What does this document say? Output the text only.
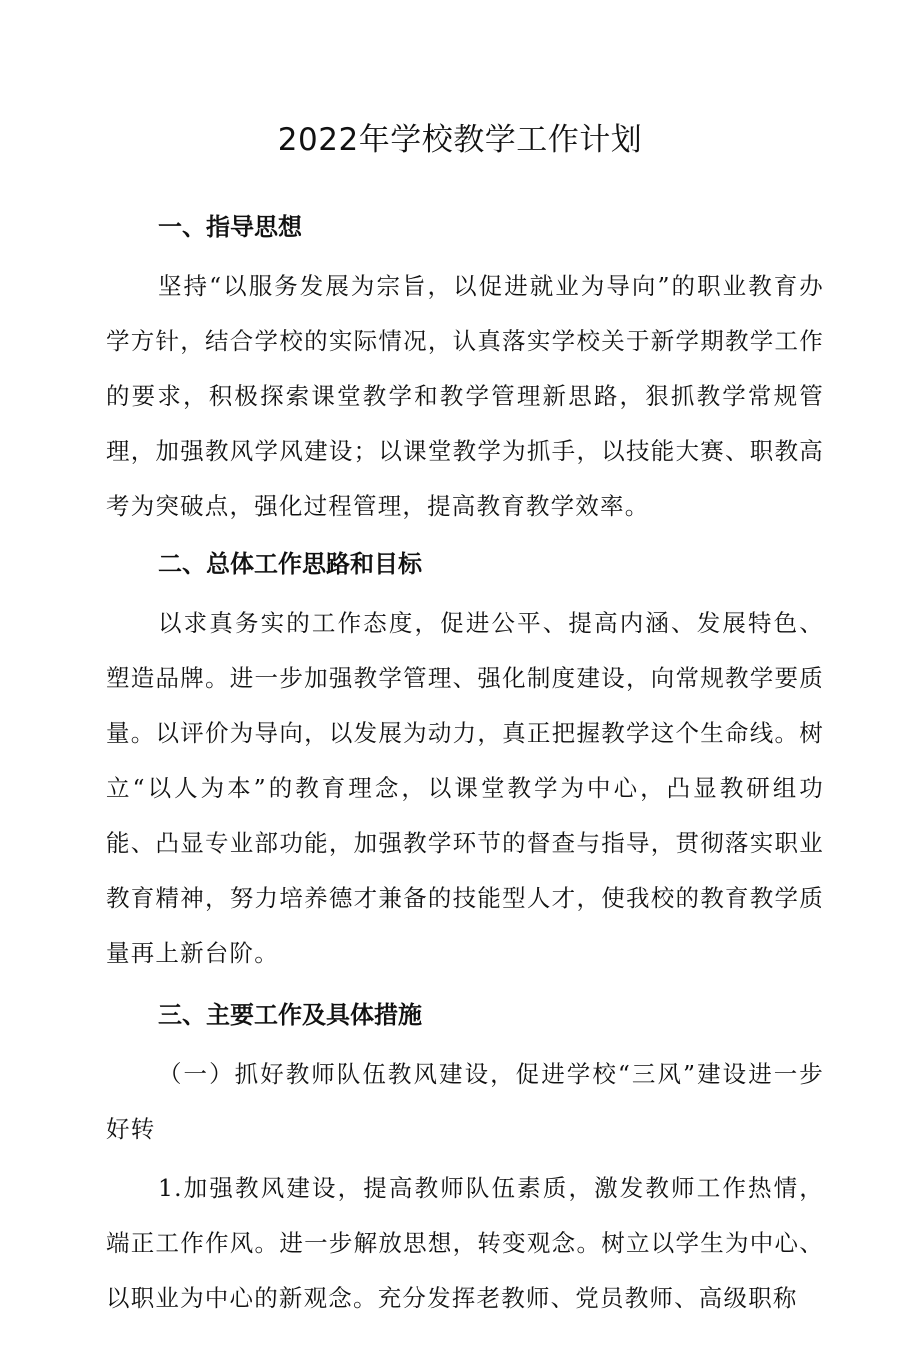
2022年学校教学工作计划
一、指导思想

坚持“以服务发展为宗旨，以促进就业为导向”的职业教育办学方针，结合学校的实际情况，认真落实学校关于新学期教学工作的要求，积极探索课堂教学和教学管理新思路，狠抓教学常规管理，加强教风学风建设；以课堂教学为抓手，以技能大赛、职教高考为突破点，强化过程管理，提高教育教学效率。

二、总体工作思路和目标

以求真务实的工作态度，促进公平、提高内涵、发展特色、塑造品牌。进一步加强教学管理、强化制度建设，向常规教学要质量。以评价为导向，以发展为动力，真正把握教学这个生命线。树立“以人为本”的教育理念，以课堂教学为中心，凸显教研组功能、凸显专业部功能，加强教学环节的督查与指导，贯彻落实职业教育精神，努力培养德才兼备的技能型人才，使我校的教育教学质量再上新台阶。

三、主要工作及具体措施

（一）抓好教师队伍教风建设，促进学校“三风”建设进一步好转

1.加强教风建设，提高教师队伍素质，激发教师工作热情，端正工作作风。进一步解放思想，转变观念。树立以学生为中心、以职业为中心的新观念。充分发挥老教师、党员教师、高级职称
